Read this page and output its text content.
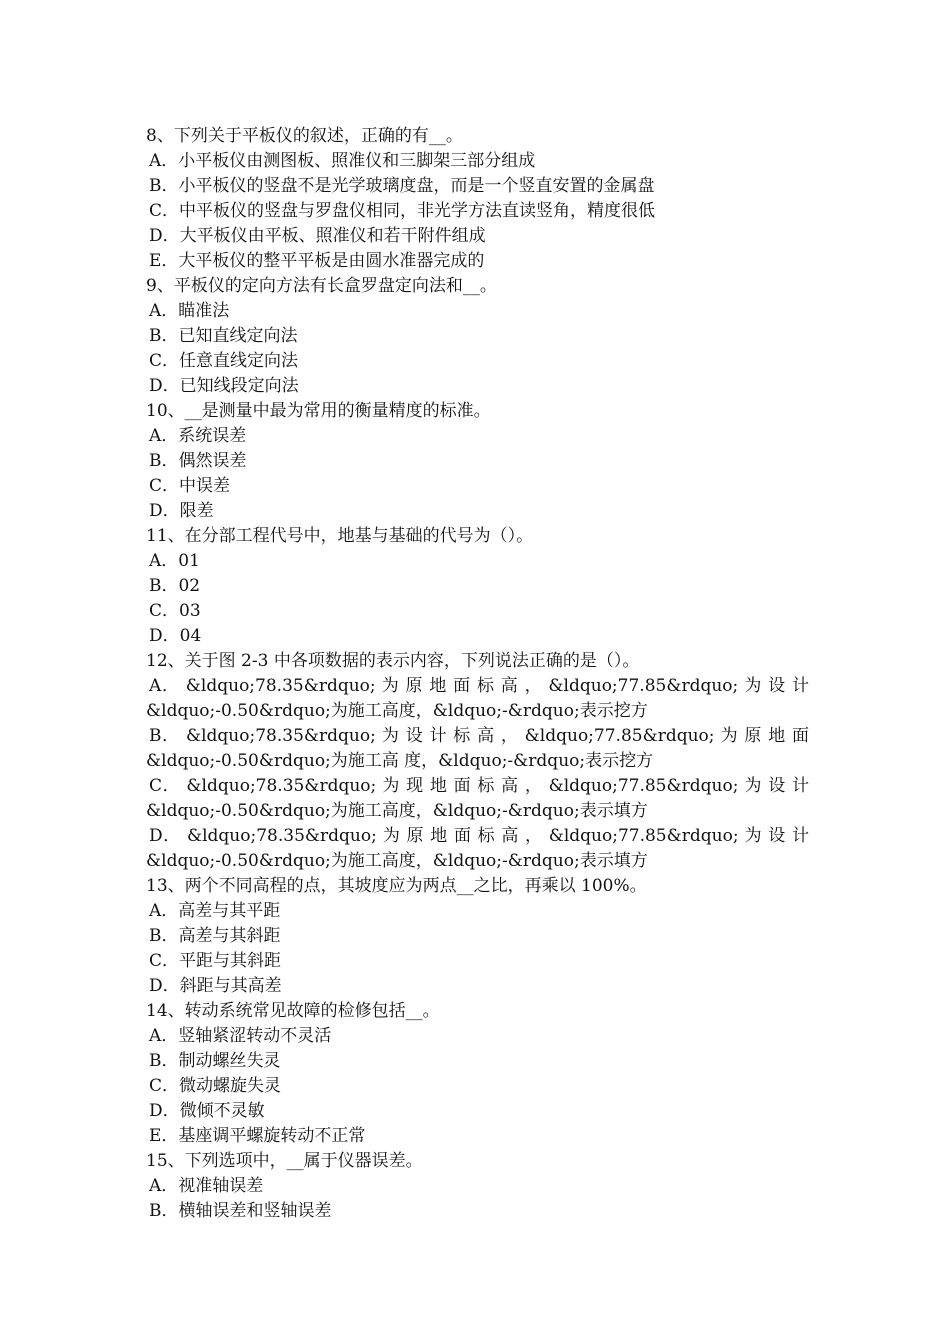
8、下列关于平板仪的叙述，正确的有__。
A．小平板仪由测图板、照准仪和三脚架三部分组成
B．小平板仪的竖盘不是光学玻璃度盘，而是一个竖直安置的金属盘
C．中平板仪的竖盘与罗盘仪相同，非光学方法直读竖角，精度很低
D．大平板仪由平板、照准仪和若干附件组成
E．大平板仪的整平平板是由圆水准器完成的
9、平板仪的定向方法有长盒罗盘定向法和__。
A．瞄准法
B．已知直线定向法
C．任意直线定向法
D．已知线段定向法
10、__是测量中最为常用的衡量精度的标准。
A．系统误差
B．偶然误差
C．中误差
D．限差
11、在分部工程代号中，地基与基础的代号为（）。
A．01
B．02
C．03
D．04
12、关于图 2-3 中各项数据的表示内容，下列说法正确的是（）。
A． &ldquo;78.35&rdquo; 为 原 地 面 标 高 ， &ldquo;77.85&rdquo; 为 设 计
&ldquo;-0.50&rdquo;为施工高度，&ldquo;-&rdquo;表示挖方
B． &ldquo;78.35&rdquo; 为 设 计 标 高 ， &ldquo;77.85&rdquo; 为 原 地 面
&ldquo;-0.50&rdquo;为施工高 度，&ldquo;-&rdquo;表示挖方
C． &ldquo;78.35&rdquo; 为 现 地 面 标 高 ， &ldquo;77.85&rdquo; 为 设 计
&ldquo;-0.50&rdquo;为施工高度，&ldquo;-&rdquo;表示填方
D． &ldquo;78.35&rdquo; 为 原 地 面 标 高 ， &ldquo;77.85&rdquo; 为 设 计
&ldquo;-0.50&rdquo;为施工高度，&ldquo;-&rdquo;表示填方
13、两个不同高程的点，其坡度应为两点__之比，再乘以 100%。
A．高差与其平距
B．高差与其斜距
C．平距与其斜距
D．斜距与其高差
14、转动系统常见故障的检修包括__。
A．竖轴紧涩转动不灵活
B．制动螺丝失灵
C．微动螺旋失灵
D．微倾不灵敏
E．基座调平螺旋转动不正常
15、下列选项中，__属于仪器误差。
A．视准轴误差
B．横轴误差和竖轴误差
